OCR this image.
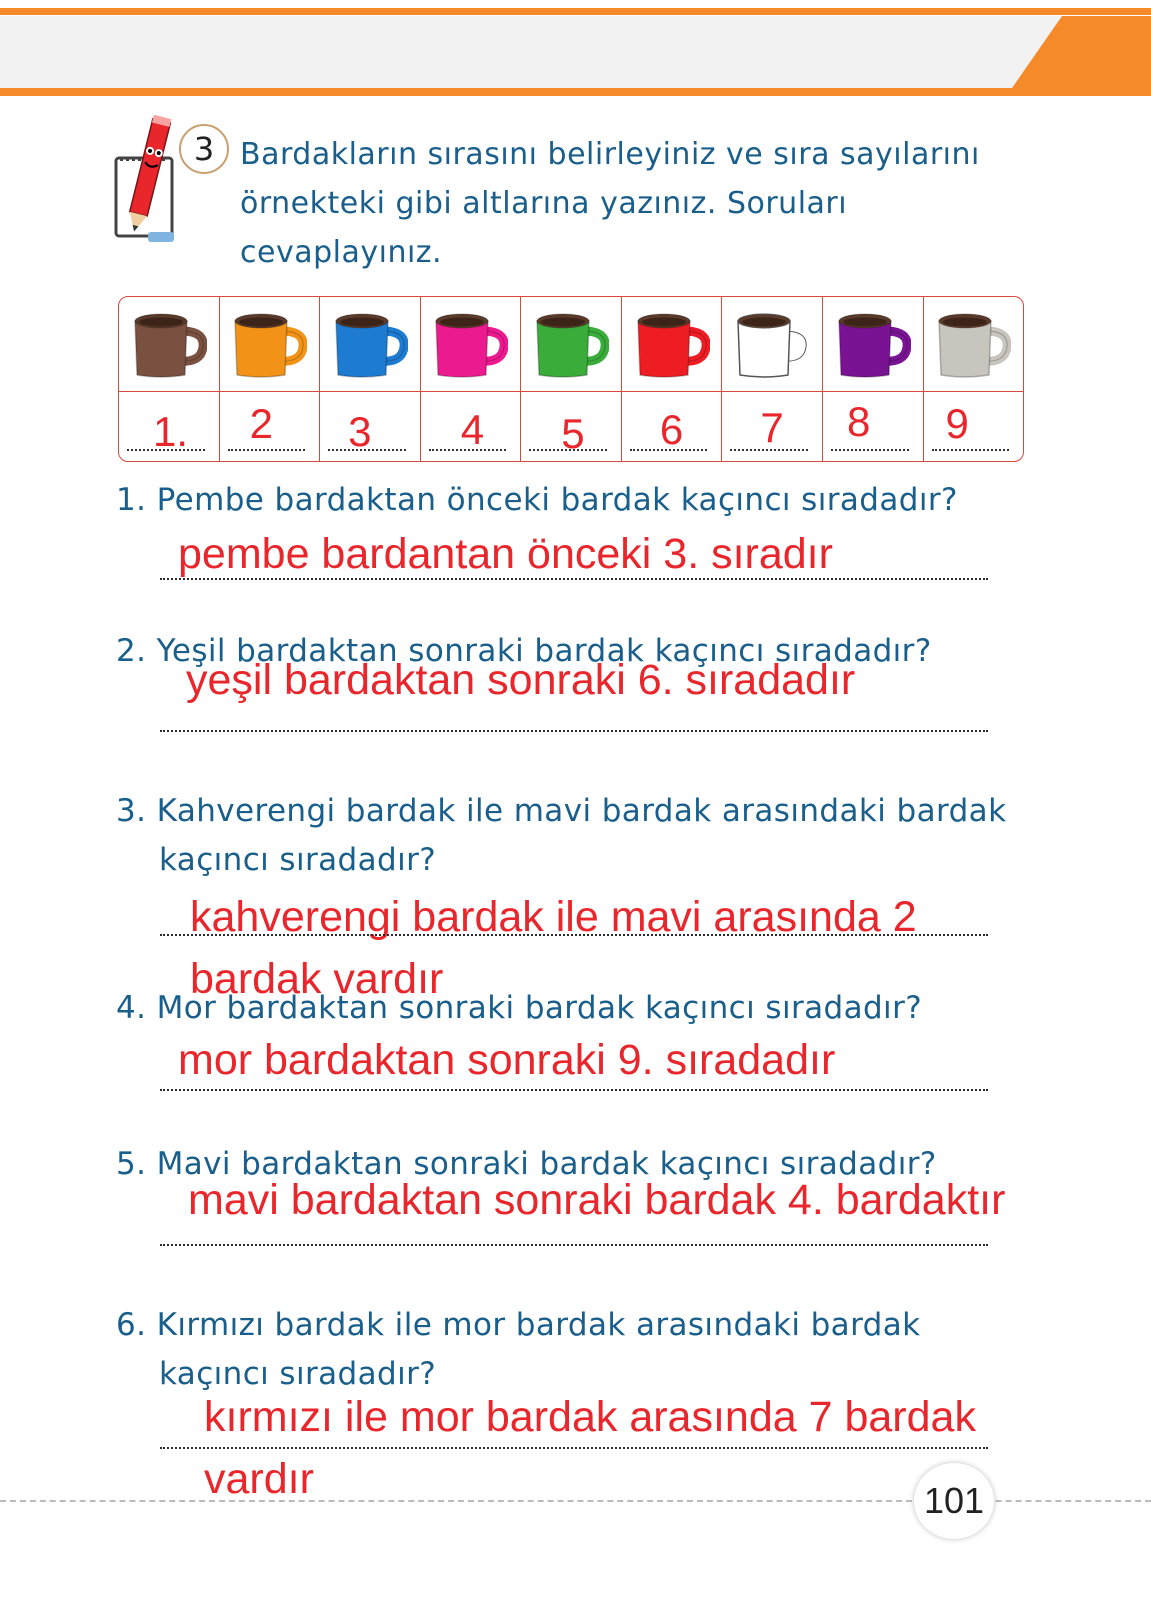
3 Bardakların sırasını belirleyiniz ve sıra sayılarını
örnekteki gibi altlarına yazınız. Soruları
cevaplayınız.
1. 2 3 4 5 6 7 8 9
1. Pembe bardaktan önceki bardak kaçıncı sıradadır?
pembe bardantan önceki 3. sıradır
2. Yeşil bardaktan sonraki bardak kaçıncı sıradadır?
yeşil bardaktan sonraki 6. sıradadır
3. Kahverengi bardak ile mavi bardak arasındaki bardak
kaçıncı sıradadır?
kahverengi bardak ile mavi arasında 2
bardak vardır
4. Mor bardaktan sonraki bardak kaçıncı sıradadır?
mor bardaktan sonraki 9. sıradadır
5. Mavi bardaktan sonraki bardak kaçıncı sıradadır?
mavi bardaktan sonraki bardak 4. bardaktır
6. Kırmızı bardak ile mor bardak arasındaki bardak
kaçıncı sıradadır?
kırmızı ile mor bardak arasında 7 bardak
vardır	101
